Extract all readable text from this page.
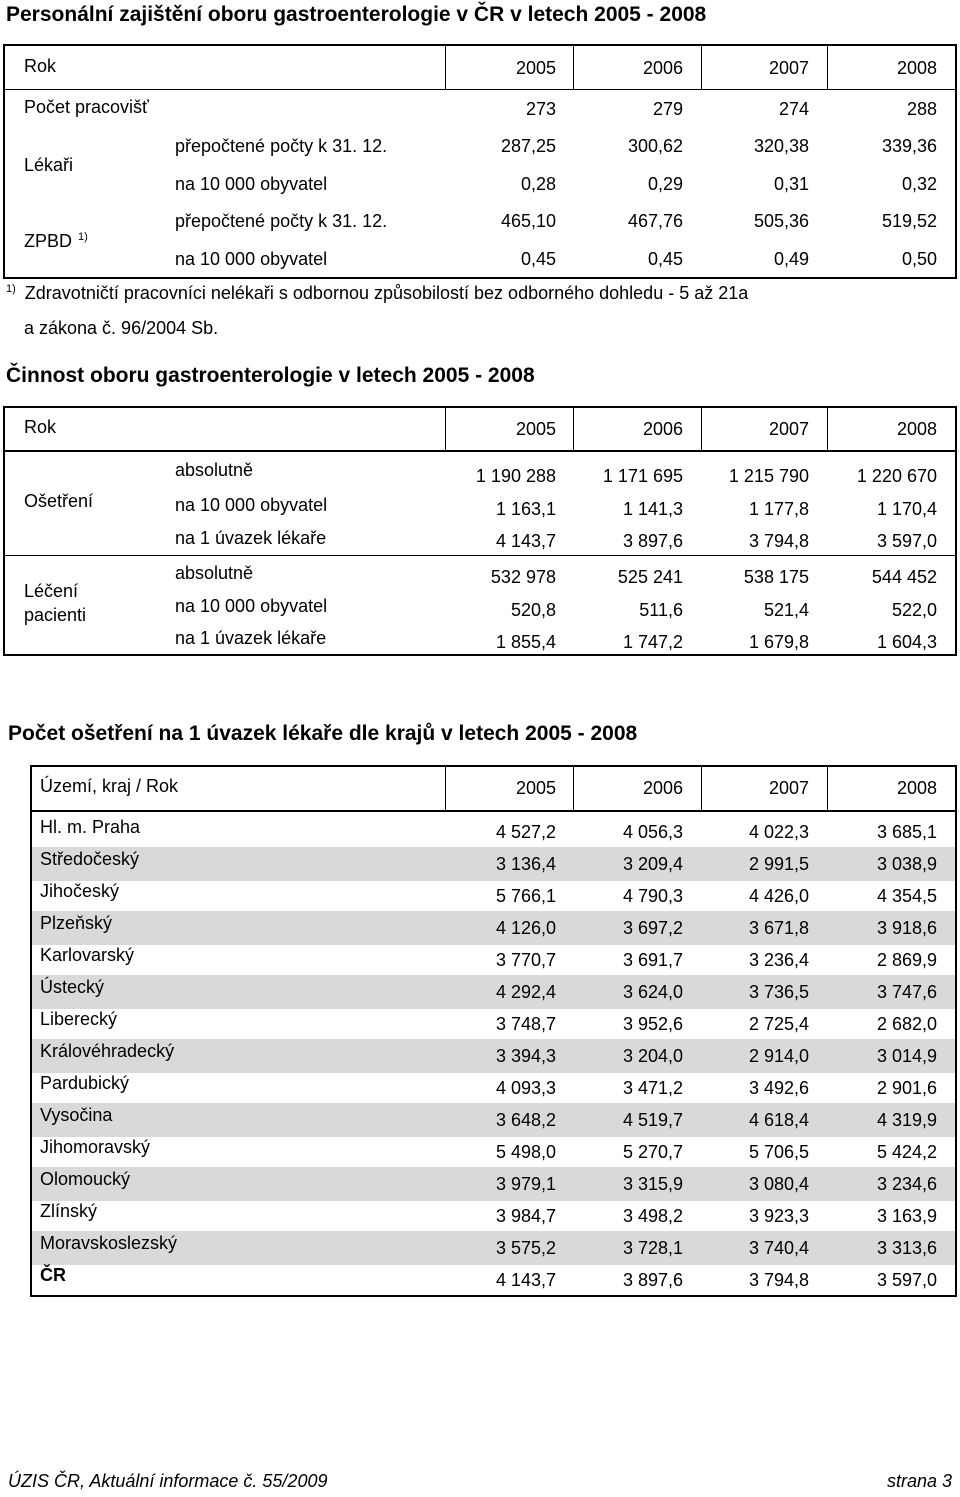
Personální zajištění oboru gastroenterologie v ČR v letech 2005 - 2008
Rok	2005	2006	2007	2008
Počet pracovišť	273	279	274	288
Lékaři
přepočtené počty k 31. 12.	287,25	300,62	320,38	339,36
na 10 000 obyvatel	0,28	0,29	0,31	0,32
ZPBD $^{1)}$
přepočtené počty k 31. 12.	465,10	467,76	505,36	519,52
na 10 000 obyvatel	0,45	0,45	0,49	0,50
$^{1)}$ Zdravotničtí pracovníci nelékaři s odbornou způsobilostí bez odborného dohledu - 5 až 21a
a zákona č. 96/2004 Sb.
Činnost oboru gastroenterologie v letech 2005 - 2008
Rok	2005	2006	2007	2008
Ošetření
absolutně	1 190 288	1 171 695	1 215 790	1 220 670
na 10 000 obyvatel	1 163,1	1 141,3	1 177,8	1 170,4
na 1 úvazek lékaře	4 143,7	3 897,6	3 794,8	3 597,0
Léčení
pacienti
absolutně	532 978	525 241	538 175	544 452
na 10 000 obyvatel	520,8	511,6	521,4	522,0
na 1 úvazek lékaře	1 855,4	1 747,2	1 679,8	1 604,3
Počet ošetření na 1 úvazek lékaře dle krajů v letech 2005 - 2008
Území, kraj / Rok	2005	2006	2007	2008
Hl. m. Praha	4 527,2	4 056,3	4 022,3	3 685,1
Středočeský	3 136,4	3 209,4	2 991,5	3 038,9
Jihočeský	5 766,1	4 790,3	4 426,0	4 354,5
Plzeňský	4 126,0	3 697,2	3 671,8	3 918,6
Karlovarský	3 770,7	3 691,7	3 236,4	2 869,9
Ústecký	4 292,4	3 624,0	3 736,5	3 747,6
Liberecký	3 748,7	3 952,6	2 725,4	2 682,0
Královéhradecký	3 394,3	3 204,0	2 914,0	3 014,9
Pardubický	4 093,3	3 471,2	3 492,6	2 901,6
Vysočina	3 648,2	4 519,7	4 618,4	4 319,9
Jihomoravský	5 498,0	5 270,7	5 706,5	5 424,2
Olomoucký	3 979,1	3 315,9	3 080,4	3 234,6
Zlínský	3 984,7	3 498,2	3 923,3	3 163,9
Moravskoslezský	3 575,2	3 728,1	3 740,4	3 313,6
ČR	4 143,7	3 897,6	3 794,8	3 597,0
ÚZIS ČR, Aktuální informace č. 55/2009	strana 3
